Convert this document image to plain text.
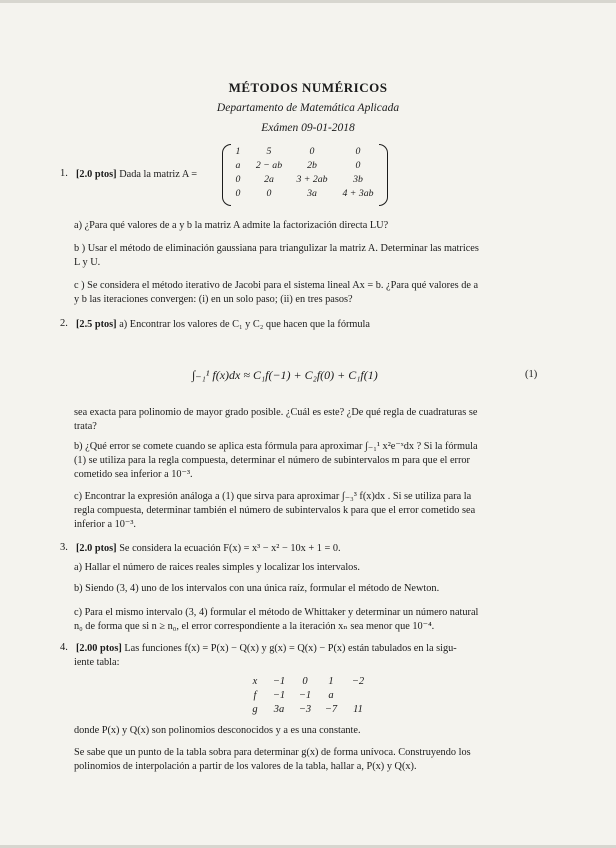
MÉTODOS NUMÉRICOS
Departamento de Matemática Aplicada
Exámen 09-01-2018
1. [2.0 ptos] Dada la matriz A =
1	5	0	0
a	2 − ab	2b	0
0	2a	3 + 2ab	3b
0	0	3a	4 + 3ab
a) ¿Para qué valores de a y b la matriz A admite la factorización directa LU?
b ) Usar el método de eliminación gaussiana para triangulizar la matriz A. Determinar las matrices
L y U.
c ) Se considera el método iterativo de Jacobi para el sistema lineal Ax = b. ¿Para qué valores de a
y b las iteraciones convergen: (i) en un solo paso; (ii) en tres pasos?
2. [2.5 ptos] a) Encontrar los valores de C₁ y C₂ que hacen que la fórmula
∫₋₁¹ f(x)dx ≈ C₁f(−1) + C₂f(0) + C₁f(1)	(1)
sea exacta para polinomio de mayor grado posible. ¿Cuál es este? ¿De qué regla de cuadraturas se
trata?
b) ¿Qué error se comete cuando se aplica esta fórmula para aproximar ∫₋₁¹ x²e⁻ˣdx ? Si la fórmula
(1) se utiliza para la regla compuesta, determinar el número de subintervalos m para que el error
cometido sea inferior a 10⁻³.
c) Encontrar la expresión análoga a (1) que sirva para aproximar ∫₋₃³ f(x)dx . Si se utiliza para la
regla compuesta, determinar también el número de subintervalos k para que el error cometido sea
inferior a 10⁻³.
3. [2.0 ptos] Se considera la ecuación F(x) = x³ − x² − 10x + 1 = 0.
a) Hallar el número de raices reales simples y localizar los intervalos.
b) Siendo (3, 4) uno de los intervalos con una única raíz, formular el método de Newton.
c) Para el mismo intervalo (3, 4) formular el método de Whittaker y determinar un número natural
n₀ de forma que si n ≥ n₀, el error correspondiente a la iteración xₙ sea menor que 10⁻⁴.
4. [2.00 ptos] Las funciones f(x) = P(x) − Q(x) y g(x) = Q(x) − P(x) están tabulados en la sigu-
iente tabla:
x	−1	0	1	−2
f	−1	−1	a
g	3a	−3	−7	11
donde P(x) y Q(x) son polinomios desconocidos y a es una constante.
Se sabe que un punto de la tabla sobra para determinar g(x) de forma unívoca. Construyendo los
polinomios de interpolación a partir de los valores de la tabla, hallar a, P(x) y Q(x).
